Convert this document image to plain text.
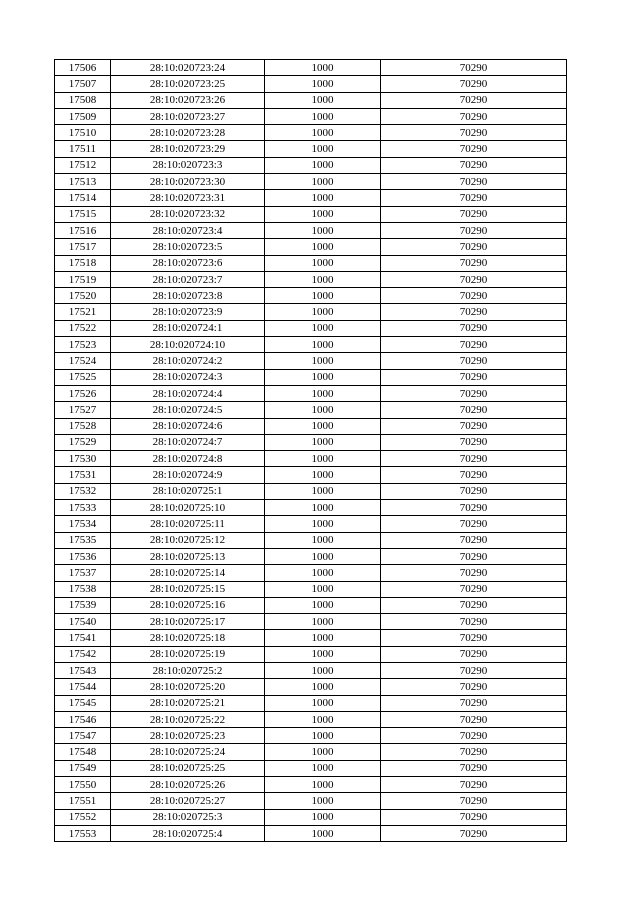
17506	28:10:020723:24	1000	70290
17507	28:10:020723:25	1000	70290
17508	28:10:020723:26	1000	70290
17509	28:10:020723:27	1000	70290
17510	28:10:020723:28	1000	70290
17511	28:10:020723:29	1000	70290
17512	28:10:020723:3	1000	70290
17513	28:10:020723:30	1000	70290
17514	28:10:020723:31	1000	70290
17515	28:10:020723:32	1000	70290
17516	28:10:020723:4	1000	70290
17517	28:10:020723:5	1000	70290
17518	28:10:020723:6	1000	70290
17519	28:10:020723:7	1000	70290
17520	28:10:020723:8	1000	70290
17521	28:10:020723:9	1000	70290
17522	28:10:020724:1	1000	70290
17523	28:10:020724:10	1000	70290
17524	28:10:020724:2	1000	70290
17525	28:10:020724:3	1000	70290
17526	28:10:020724:4	1000	70290
17527	28:10:020724:5	1000	70290
17528	28:10:020724:6	1000	70290
17529	28:10:020724:7	1000	70290
17530	28:10:020724:8	1000	70290
17531	28:10:020724:9	1000	70290
17532	28:10:020725:1	1000	70290
17533	28:10:020725:10	1000	70290
17534	28:10:020725:11	1000	70290
17535	28:10:020725:12	1000	70290
17536	28:10:020725:13	1000	70290
17537	28:10:020725:14	1000	70290
17538	28:10:020725:15	1000	70290
17539	28:10:020725:16	1000	70290
17540	28:10:020725:17	1000	70290
17541	28:10:020725:18	1000	70290
17542	28:10:020725:19	1000	70290
17543	28:10:020725:2	1000	70290
17544	28:10:020725:20	1000	70290
17545	28:10:020725:21	1000	70290
17546	28:10:020725:22	1000	70290
17547	28:10:020725:23	1000	70290
17548	28:10:020725:24	1000	70290
17549	28:10:020725:25	1000	70290
17550	28:10:020725:26	1000	70290
17551	28:10:020725:27	1000	70290
17552	28:10:020725:3	1000	70290
17553	28:10:020725:4	1000	70290
